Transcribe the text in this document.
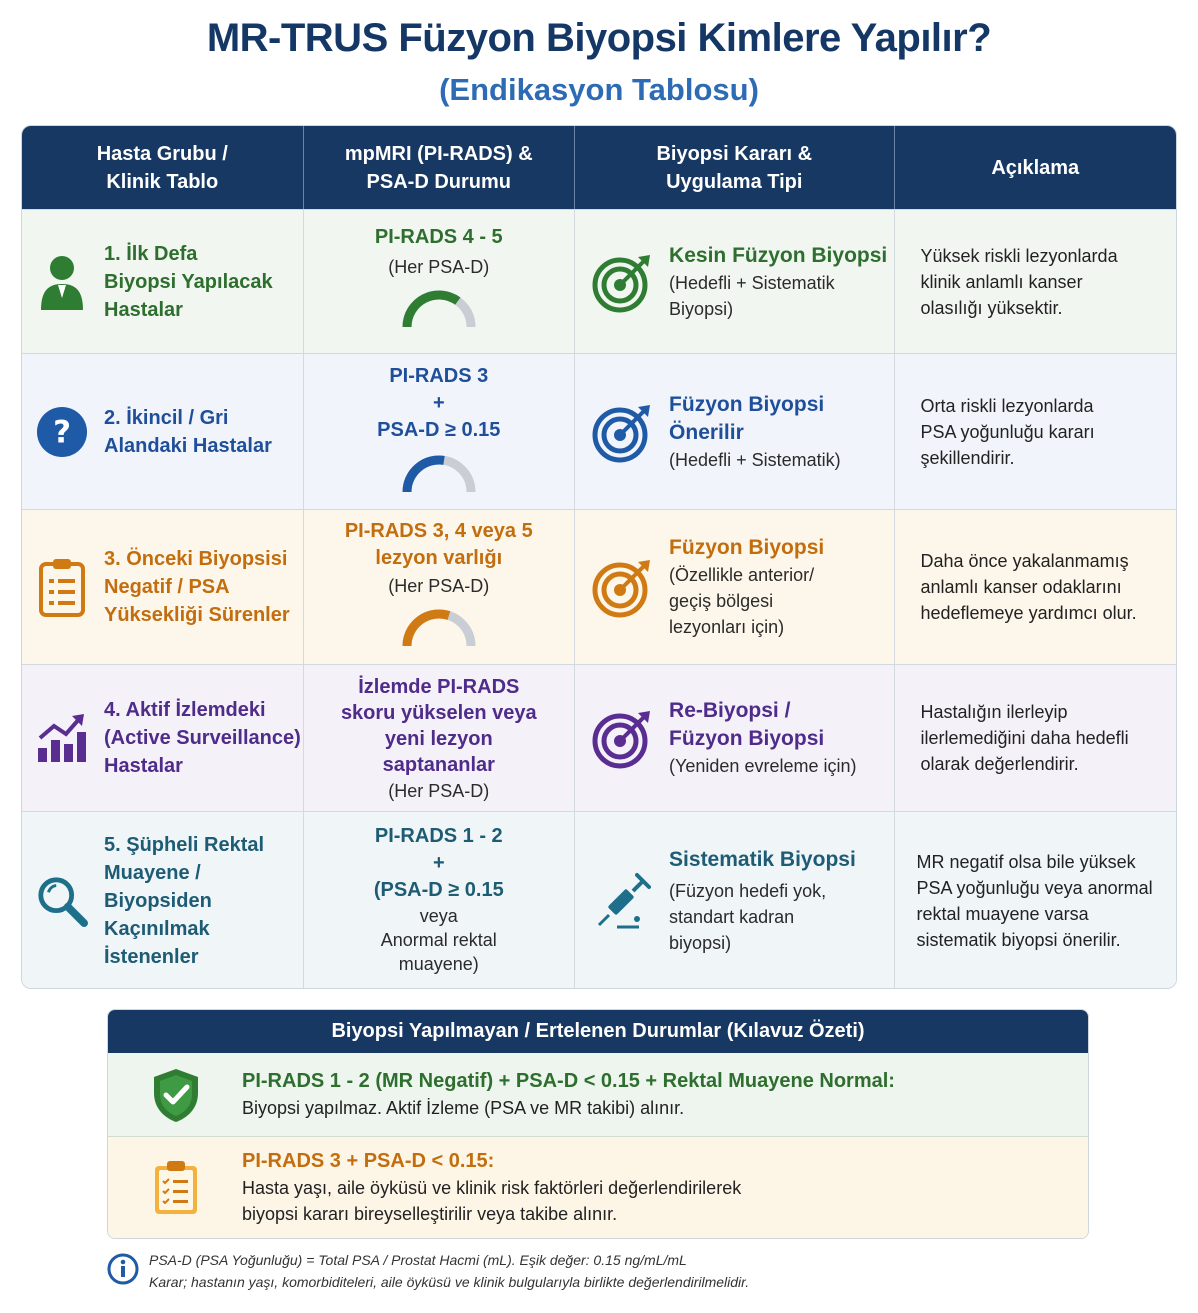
MR-TRUS Füzyon Biyopsi Kimlere Yapılır?
(Endikasyon Tablosu)
Hasta Grubu /
Klinik Tablo
mpMRI (PI-RADS) &
PSA-D Durumu
Biyopsi Kararı &
Uygulama Tipi
Açıklama
1. İlk Defa
Biyopsi Yapılacak
Hastalar
PI-RADS 4 - 5
(Her PSA-D)
Kesin Füzyon Biyopsi
(Hedefli + Sistematik
Biyopsi)
Yüksek riskli lezyonlarda
klinik anlamlı kanser
olasılığı yüksektir.
? 2. İkincil / Gri
Alandaki Hastalar
PI-RADS 3
+
PSA-D ≥ 0.15
Füzyon Biyopsi
Önerilir
(Hedefli + Sistematik)
Orta riskli lezyonlarda
PSA yoğunluğu kararı
şekillendirir.
3. Önceki Biyopsisi
Negatif / PSA
Yüksekliği Sürenler
PI-RADS 3, 4 veya 5
lezyon varlığı
(Her PSA-D)
Füzyon Biyopsi
(Özellikle anterior/
geçiş bölgesi
lezyonları için)
Daha önce yakalanmamış
anlamlı kanser odaklarını
hedeflemeye yardımcı olur.
4. Aktif İzlemdeki
(Active Surveillance)
Hastalar
İzlemde PI-RADS
skoru yükselen veya
yeni lezyon
saptananlar
(Her PSA-D)
Re-Biyopsi /
Füzyon Biyopsi
(Yeniden evreleme için)
Hastalığın ilerleyip
ilerlemediğini daha hedefli
olarak değerlendirir.
5. Şüpheli Rektal
Muayene / Biyopsiden
Kaçınılmak İstenenler
PI-RADS 1 - 2
+
(PSA-D ≥ 0.15
veya
Anormal rektal
muayene)
Sistematik Biyopsi
(Füzyon hedefi yok,
standart kadran
biyopsi)
MR negatif olsa bile yüksek
PSA yoğunluğu veya anormal
rektal muayene varsa
sistematik biyopsi önerilir.
Biyopsi Yapılmayan / Ertelenen Durumlar (Kılavuz Özeti)
PI-RADS 1 - 2 (MR Negatif) + PSA-D < 0.15 + Rektal Muayene Normal:
Biyopsi yapılmaz. Aktif İzleme (PSA ve MR takibi) alınır.
PI-RADS 3 + PSA-D < 0.15:
Hasta yaşı, aile öyküsü ve klinik risk faktörleri değerlendirilerek
biyopsi kararı bireyselleştirilir veya takibe alınır.
PSA-D (PSA Yoğunluğu) = Total PSA / Prostat Hacmi (mL). Eşik değer: 0.15 ng/mL/mL
Karar; hastanın yaşı, komorbiditeleri, aile öyküsü ve klinik bulgularıyla birlikte değerlendirilmelidir.
